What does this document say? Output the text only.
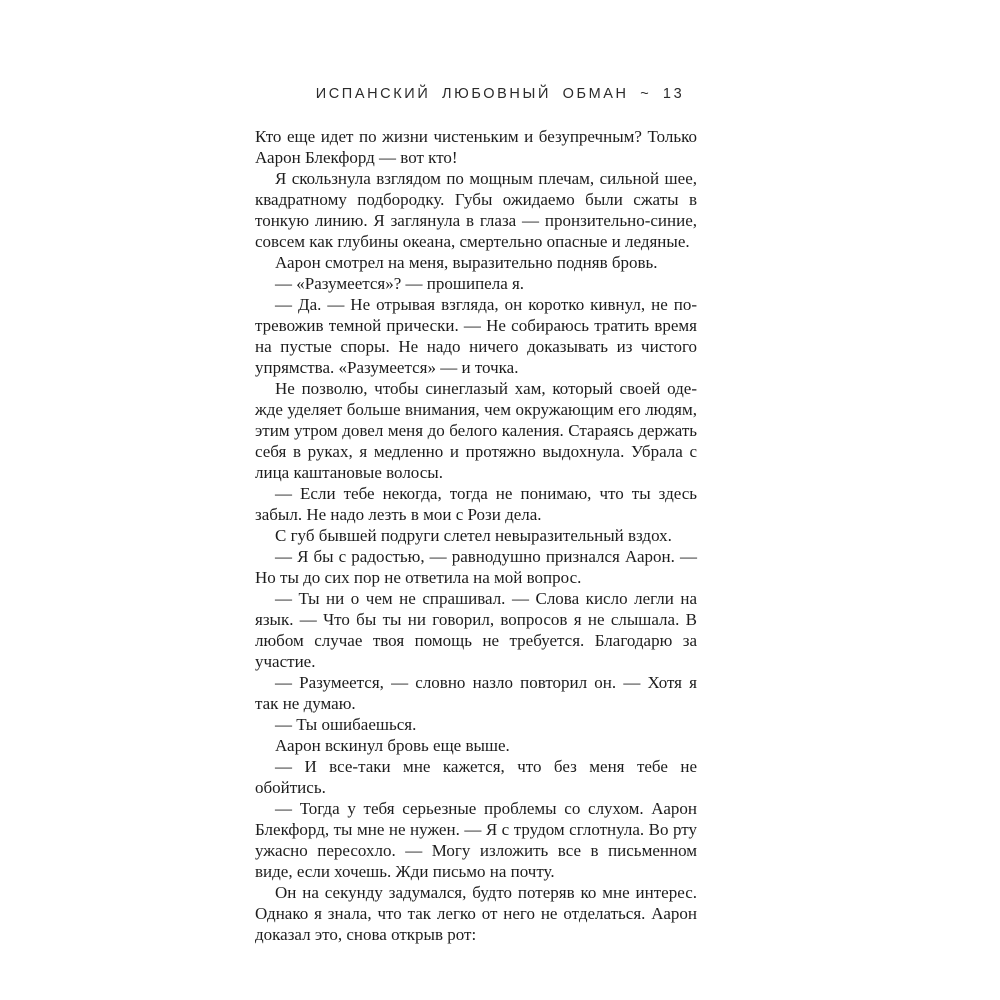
ИСПАНСКИЙ ЛЮБОВНЫЙ ОБМАН ~ 13

Кто еще идет по жизни чистеньким и безупречным? Только Аарон Блекфорд — вот кто!

Я скользнула взглядом по мощным плечам, сильной шее, квадратному подбородку. Губы ожидаемо были сжаты в тонкую линию. Я заглянула в глаза — пронзительно-синие, совсем как глубины океана, смертельно опасные и ледяные.

Аарон смотрел на меня, выразительно подняв бровь.

— «Разумеется»? — прошипела я.

— Да. — Не отрывая взгляда, он коротко кивнул, не потревожив темной прически. — Не собираюсь тратить время на пустые споры. Не надо ничего доказывать из чистого упрямства. «Разумеется» — и точка.

Не позволю, чтобы синеглазый хам, который своей одежде уделяет больше внимания, чем окружающим его людям, этим утром довел меня до белого каления. Стараясь держать себя в руках, я медленно и протяжно выдохнула. Убрала с лица каштановые волосы.

— Если тебе некогда, тогда не понимаю, что ты здесь забыл. Не надо лезть в мои с Рози дела.

С губ бывшей подруги слетел невыразительный вздох.

— Я бы с радостью, — равнодушно признался Аарон. — Но ты до сих пор не ответила на мой вопрос.

— Ты ни о чем не спрашивал. — Слова кисло легли на язык. — Что бы ты ни говорил, вопросов я не слышала. В любом случае твоя помощь не требуется. Благодарю за участие.

— Разумеется, — словно назло повторил он. — Хотя я так не думаю.

— Ты ошибаешься.

Аарон вскинул бровь еще выше.

— И все-таки мне кажется, что без меня тебе не обойтись.

— Тогда у тебя серьезные проблемы со слухом. Аарон Блекфорд, ты мне не нужен. — Я с трудом сглотнула. Во рту ужасно пересохло. — Могу изложить все в письменном виде, если хочешь. Жди письмо на почту.

Он на секунду задумался, будто потеряв ко мне интерес. Однако я знала, что так легко от него не отделаться. Аарон доказал это, снова открыв рот:
